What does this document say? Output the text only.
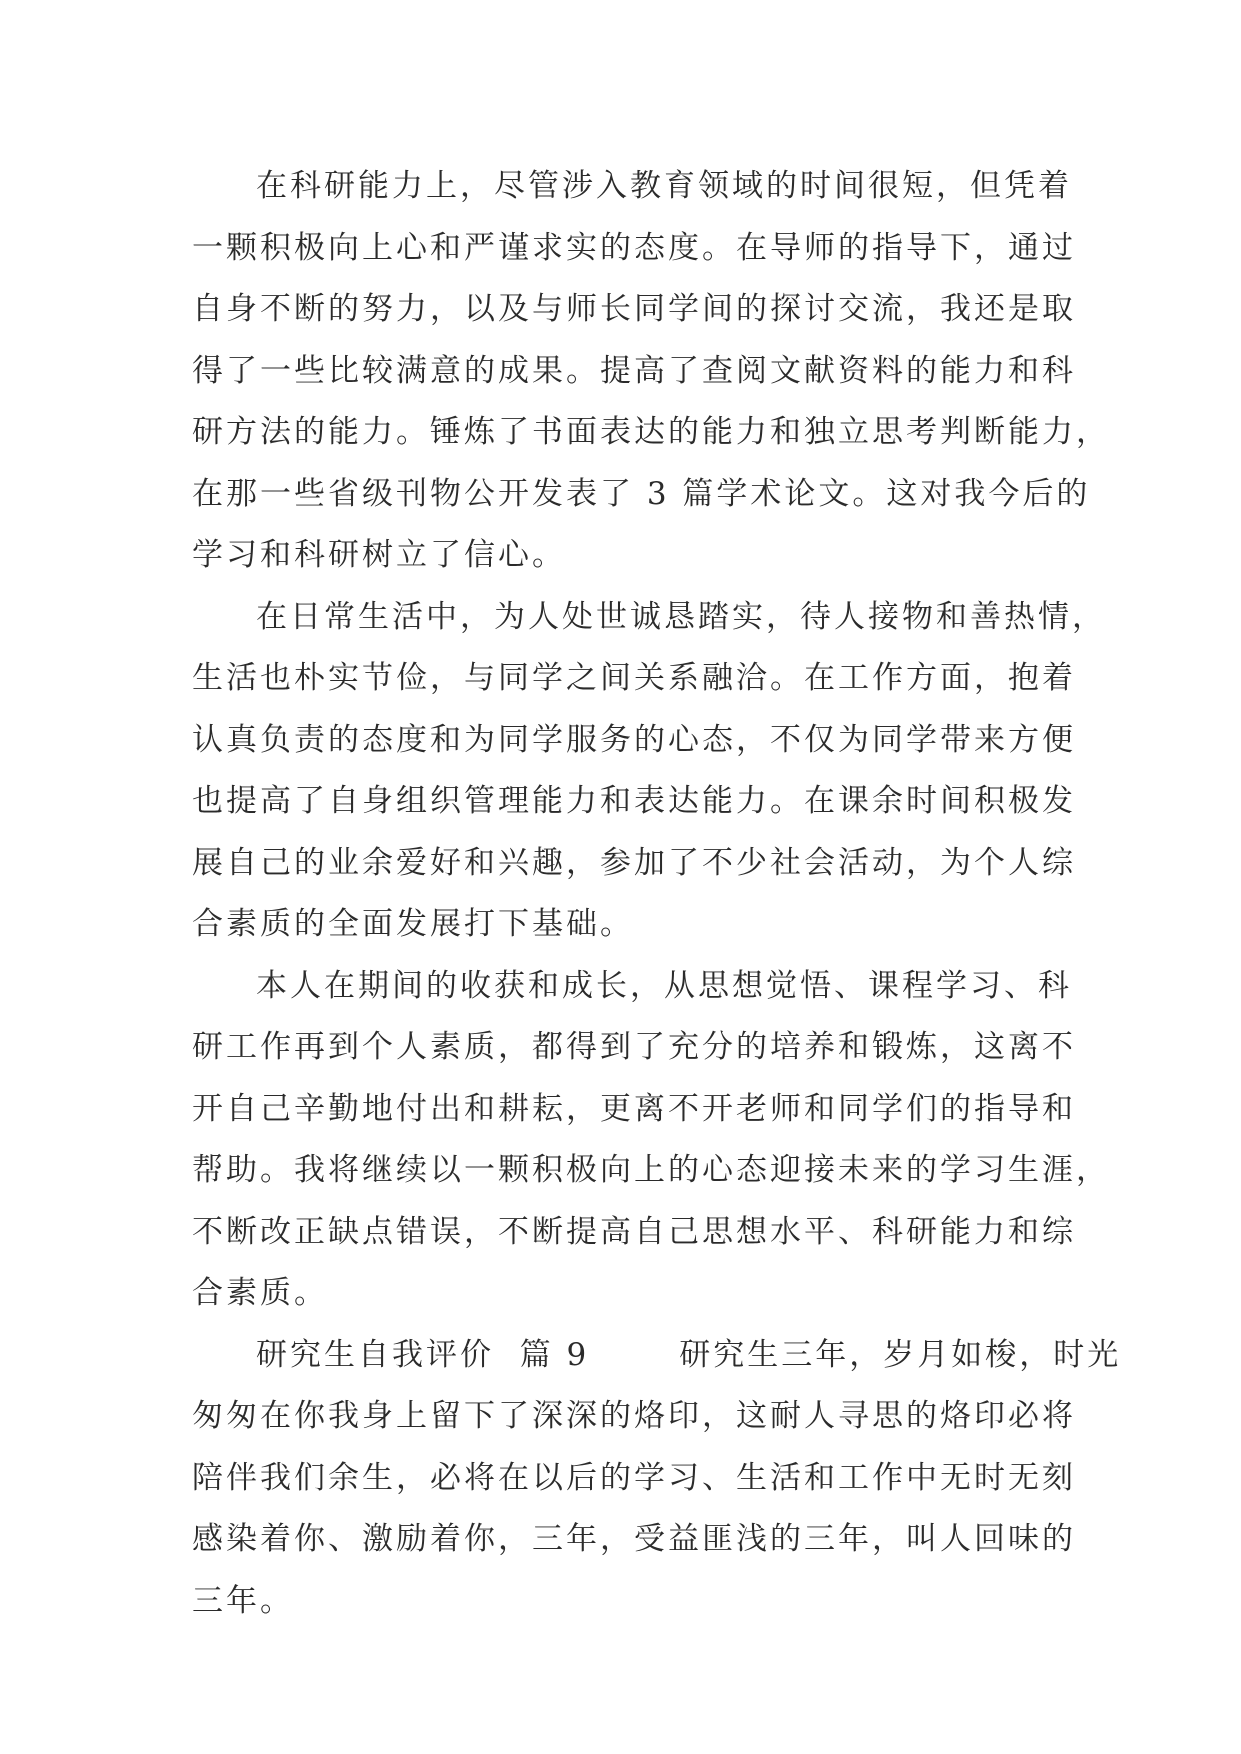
在科研能力上，尽管涉入教育领域的时间很短，但凭着
一颗积极向上心和严谨求实的态度。在导师的指导下，通过
自身不断的努力，以及与师长同学间的探讨交流，我还是取
得了一些比较满意的成果。提高了查阅文献资料的能力和科
研方法的能力。锤炼了书面表达的能力和独立思考判断能力，
在那一些省级刊物公开发表了 3 篇学术论文。这对我今后的
学习和科研树立了信心。

在日常生活中，为人处世诚恳踏实，待人接物和善热情，
生活也朴实节俭，与同学之间关系融洽。在工作方面，抱着
认真负责的态度和为同学服务的心态，不仅为同学带来方便
也提高了自身组织管理能力和表达能力。在课余时间积极发
展自己的业余爱好和兴趣，参加了不少社会活动，为个人综
合素质的全面发展打下基础。

本人在期间的收获和成长，从思想觉悟、课程学习、科
研工作再到个人素质，都得到了充分的培养和锻炼，这离不
开自己辛勤地付出和耕耘，更离不开老师和同学们的指导和
帮助。我将继续以一颗积极向上的心态迎接未来的学习生涯，
不断改正缺点错误，不断提高自己思想水平、科研能力和综
合素质。

研究生自我评价  篇 9       研究生三年，岁月如梭，时光
匆匆在你我身上留下了深深的烙印，这耐人寻思的烙印必将
陪伴我们余生，必将在以后的学习、生活和工作中无时无刻
感染着你、激励着你，三年，受益匪浅的三年，叫人回味的
三年。
